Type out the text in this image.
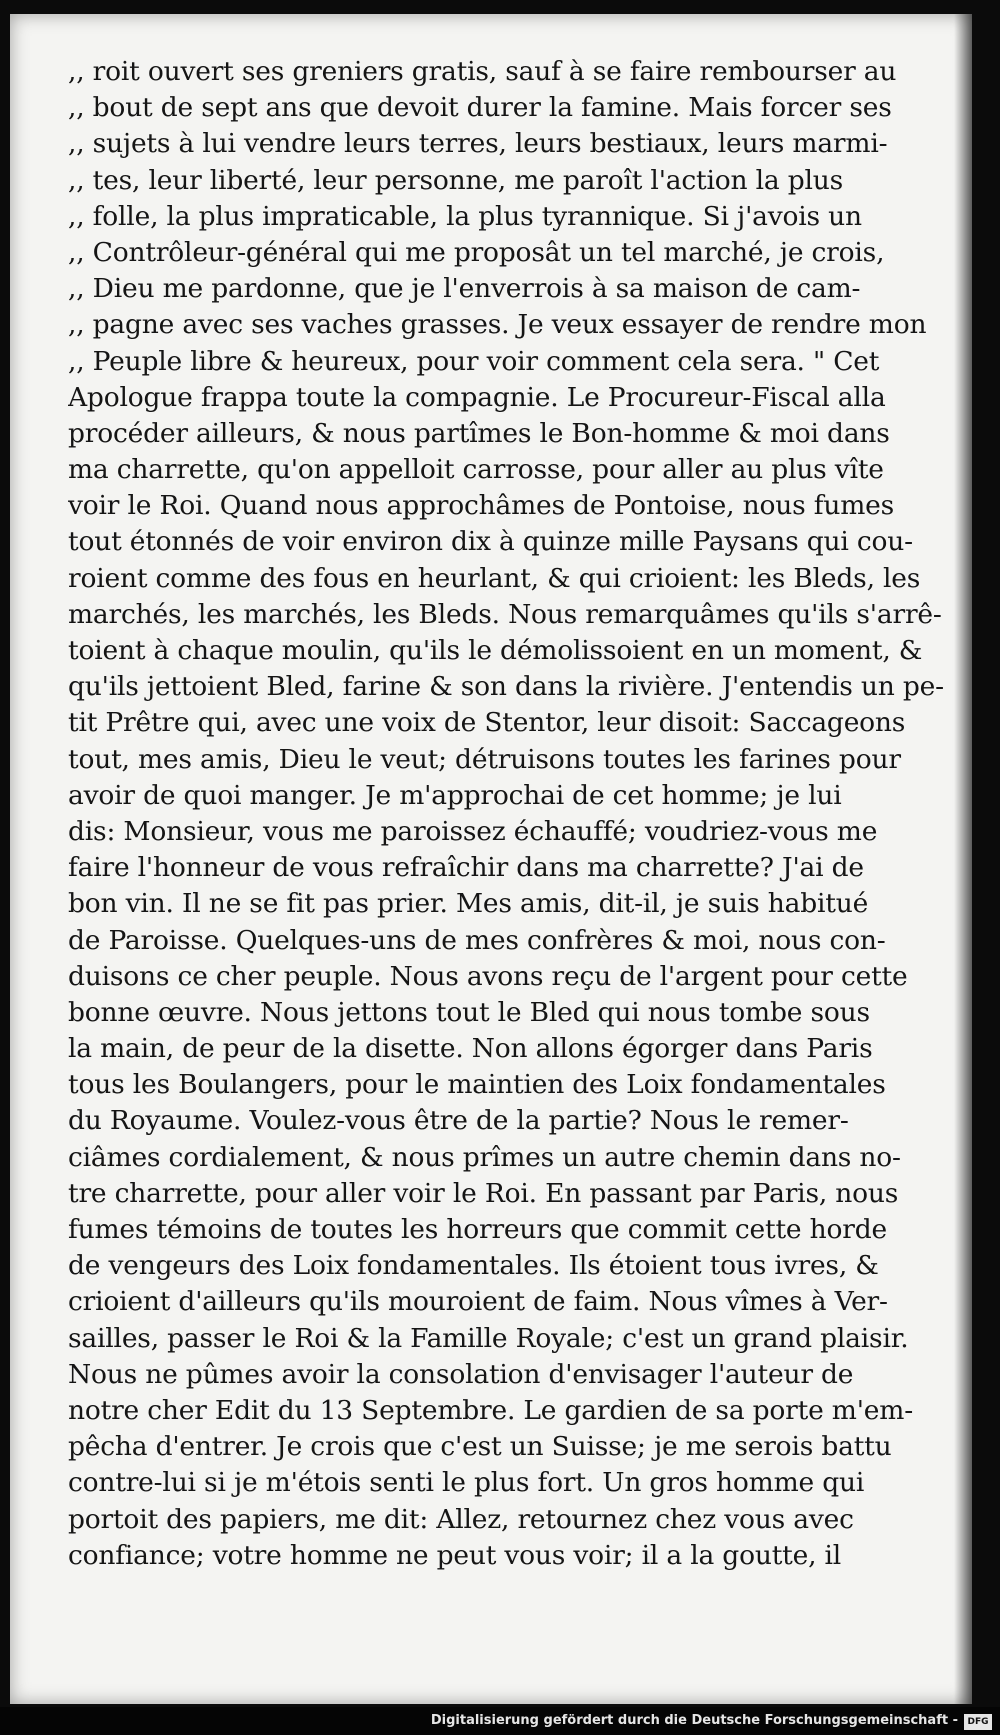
,, roit ouvert ses greniers gratis, sauf à se faire rembourser au
,, bout de sept ans que devoit durer la famine. Mais forcer ses
,, sujets à lui vendre leurs terres, leurs bestiaux, leurs marmi-
,, tes, leur liberté, leur personne, me paroît l'action la plus
,, folle, la plus impraticable, la plus tyrannique. Si j'avois un
,, Contrôleur-général qui me proposât un tel marché, je crois,
,, Dieu me pardonne, que je l'enverrois à sa maison de cam-
,, pagne avec ses vaches grasses. Je veux essayer de rendre mon
,, Peuple libre & heureux, pour voir comment cela sera. " Cet
Apologue frappa toute la compagnie. Le Procureur-Fiscal alla
procéder ailleurs, & nous partîmes le Bon-homme & moi dans
ma charrette, qu'on appelloit carrosse, pour aller au plus vîte
voir le Roi. Quand nous approchâmes de Pontoise, nous fumes
tout étonnés de voir environ dix à quinze mille Paysans qui cou-
roient comme des fous en heurlant, & qui crioient: les Bleds, les
marchés, les marchés, les Bleds. Nous remarquâmes qu'ils s'arrê-
toient à chaque moulin, qu'ils le démolissoient en un moment, &
qu'ils jettoient Bled, farine & son dans la rivière. J'entendis un pe-
tit Prêtre qui, avec une voix de Stentor, leur disoit: Saccageons
tout, mes amis, Dieu le veut; détruisons toutes les farines pour
avoir de quoi manger. Je m'approchai de cet homme; je lui
dis: Monsieur, vous me paroissez échauffé; voudriez-vous me
faire l'honneur de vous refraîchir dans ma charrette? J'ai de
bon vin. Il ne se fit pas prier. Mes amis, dit-il, je suis habitué
de Paroisse. Quelques-uns de mes confrères & moi, nous con-
duisons ce cher peuple. Nous avons reçu de l'argent pour cette
bonne œuvre. Nous jettons tout le Bled qui nous tombe sous
la main, de peur de la disette. Non allons égorger dans Paris
tous les Boulangers, pour le maintien des Loix fondamentales
du Royaume. Voulez-vous être de la partie? Nous le remer-
ciâmes cordialement, & nous prîmes un autre chemin dans no-
tre charrette, pour aller voir le Roi. En passant par Paris, nous
fumes témoins de toutes les horreurs que commit cette horde
de vengeurs des Loix fondamentales. Ils étoient tous ivres, &
crioient d'ailleurs qu'ils mouroient de faim. Nous vîmes à Ver-
sailles, passer le Roi & la Famille Royale; c'est un grand plaisir.
Nous ne pûmes avoir la consolation d'envisager l'auteur de
notre cher Edit du 13 Septembre. Le gardien de sa porte m'em-
pêcha d'entrer. Je crois que c'est un Suisse; je me serois battu
contre-lui si je m'étois senti le plus fort. Un gros homme qui
portoit des papiers, me dit: Allez, retournez chez vous avec
confiance; votre homme ne peut vous voir; il a la goutte, il
Digitalisierung gefördert durch die Deutsche Forschungsgemeinschaft -	DFG
